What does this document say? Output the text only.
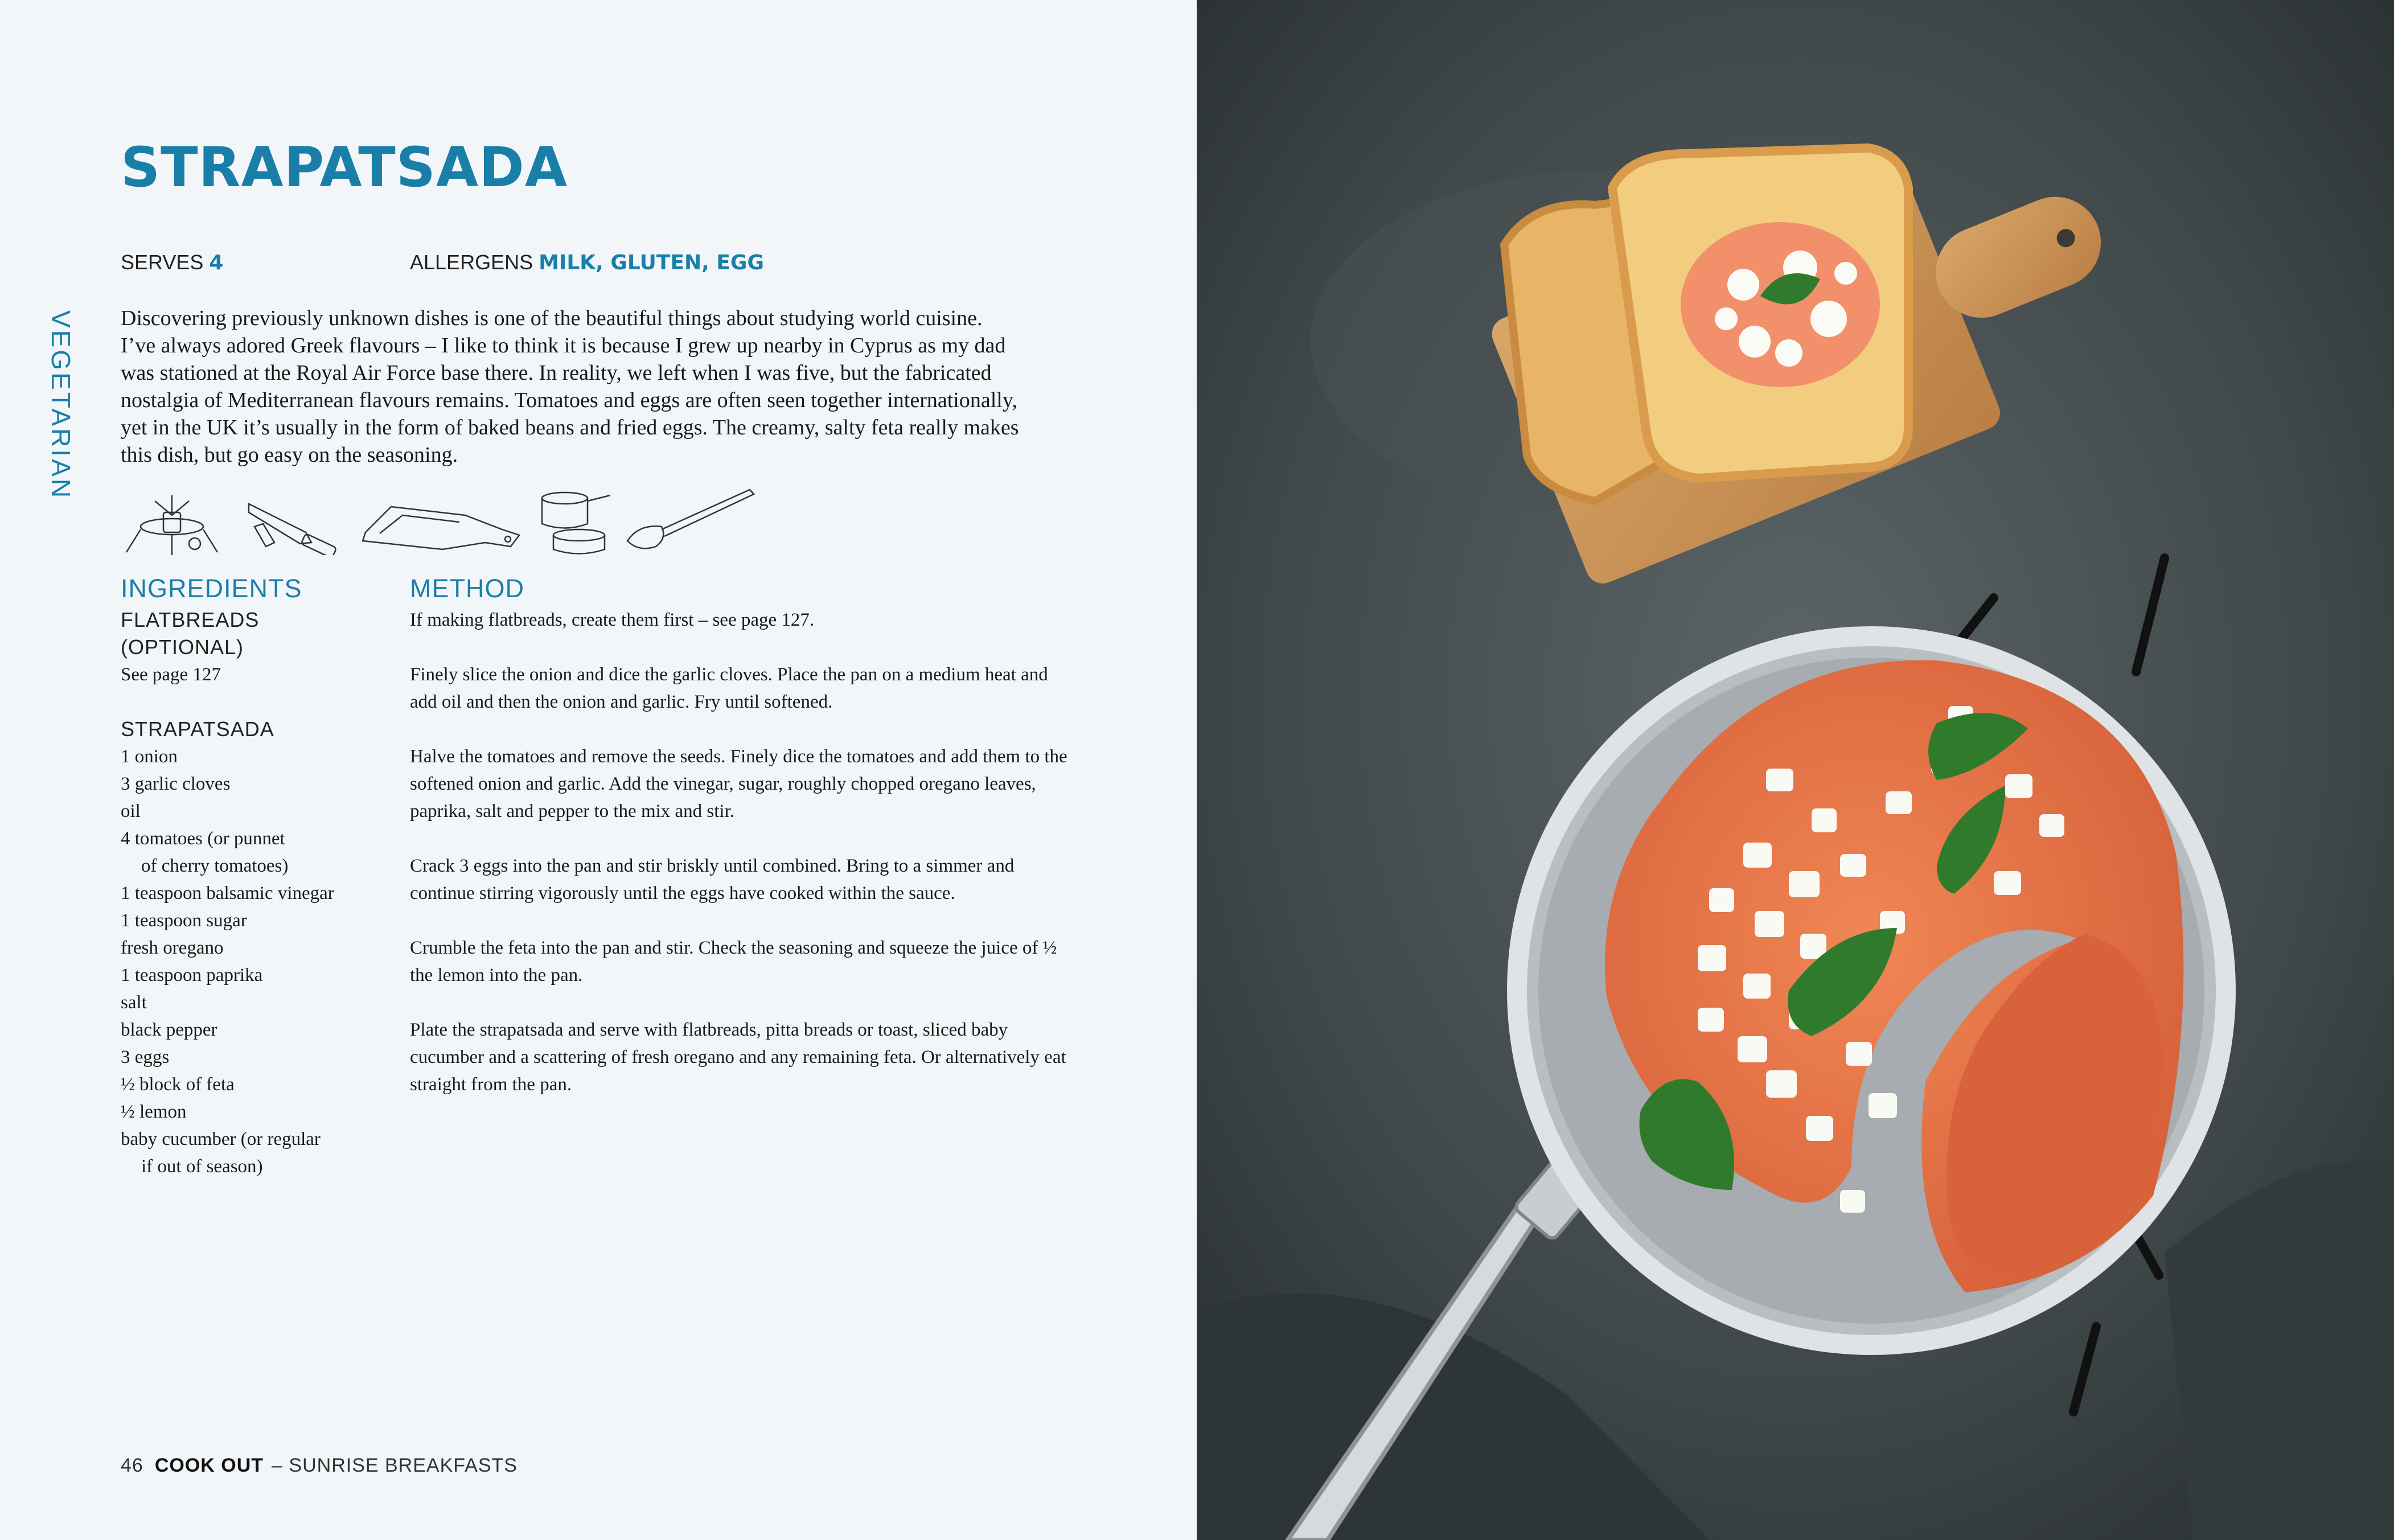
STRAPATSADA
VEGETARIAN
SERVES 4	ALLERGENS MILK, GLUTEN, EGG

Discovering previously unknown dishes is one of the beautiful things about studying world cuisine. I’ve always adored Greek flavours – I like to think it is because I grew up nearby in Cyprus as my dad was stationed at the Royal Air Force base there. In reality, we left when I was five, but the fabricated nostalgia of Mediterranean flavours remains. Tomatoes and eggs are often seen together internationally, yet in the UK it’s usually in the form of baked beans and fried eggs. The creamy, salty feta really makes this dish, but go easy on the seasoning.

INGREDIENTS	METHOD
FLATBREADS
(OPTIONAL)
See page 127
STRAPATSADA
1 onion
3 garlic cloves
oil
4 tomatoes (or punnet
of cherry tomatoes)
1 teaspoon balsamic vinegar
1 teaspoon sugar
fresh oregano
1 teaspoon paprika
salt
black pepper
3 eggs
½ block of feta
½ lemon
baby cucumber (or regular
if out of season)

If making flatbreads, create them first – see page 127.

Finely slice the onion and dice the garlic cloves. Place the pan on a medium heat and add oil and then the onion and garlic. Fry until softened.

Halve the tomatoes and remove the seeds. Finely dice the tomatoes and add them to the softened onion and garlic. Add the vinegar, sugar, roughly chopped oregano leaves, paprika, salt and pepper to the mix and stir.

Crack 3 eggs into the pan and stir briskly until combined. Bring to a simmer and continue stirring vigorously until the eggs have cooked within the sauce.

Crumble the feta into the pan and stir. Check the seasoning and squeeze the juice of ½ the lemon into the pan.

Plate the strapatsada and serve with flatbreads, pitta breads or toast, sliced baby cucumber and a scattering of fresh oregano and any remaining feta. Or alternatively eat straight from the pan.

46 COOK OUT – SUNRISE BREAKFASTS
